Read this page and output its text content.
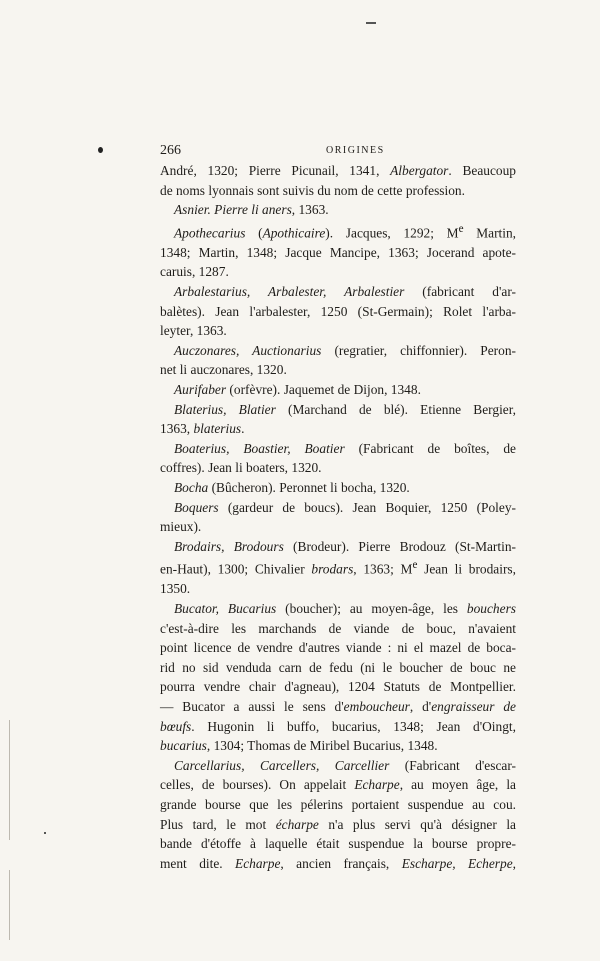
266	ORIGINES
André, 1320; Pierre Picunail, 1341, Albergator. Beaucoup
de noms lyonnais sont suivis du nom de cette profession.
Asnier. Pierre li aners, 1363.
Apothecarius (Apothicaire). Jacques, 1292; Me Martin,
1348; Martin, 1348; Jacque Mancipe, 1363; Jocerand apote-
caruis, 1287.
Arbalestarius, Arbalester, Arbalestier (fabricant d'ar-
balètes). Jean l'arbalester, 1250 (St-Germain); Rolet l'arba-
leyter, 1363.
Auczonares, Auctionarius (regratier, chiffonnier). Peron-
net li auczonares, 1320.
Aurifaber (orfèvre). Jaquemet de Dijon, 1348.
Blaterius, Blatier (Marchand de blé). Etienne Bergier,
1363, blaterius.
Boaterius, Boastier, Boatier (Fabricant de boîtes, de
coffres). Jean li boaters, 1320.
Bocha (Bûcheron). Peronnet li bocha, 1320.
Boquers (gardeur de boucs). Jean Boquier, 1250 (Poley-
mieux).
Brodairs, Brodours (Brodeur). Pierre Brodouz (St-Martin-
en-Haut), 1300; Chivalier brodars, 1363; Me Jean li brodairs,
1350.
Bucator, Bucarius (boucher); au moyen-âge, les bouchers
c'est-à-dire les marchands de viande de bouc, n'avaient
point licence de vendre d'autres viande : ni el mazel de boca-
rid no sid venduda carn de fedu (ni le boucher de bouc ne
pourra vendre chair d'agneau), 1204 Statuts de Montpellier.
— Bucator a aussi le sens d'emboucheur, d'engraisseur de
bœufs. Hugonin li buffo, bucarius, 1348; Jean d'Oingt,
bucarius, 1304; Thomas de Miribel Bucarius, 1348.
Carcellarius, Carcellers, Carcellier (Fabricant d'escar-
celles, de bourses). On appelait Echarpe, au moyen âge, la
grande bourse que les pélerins portaient suspendue au cou.
Plus tard, le mot écharpe n'a plus servi qu'à désigner la
bande d'étoffe à laquelle était suspendue la bourse propre-
ment dite. Echarpe, ancien français, Escharpe, Echerpe,
